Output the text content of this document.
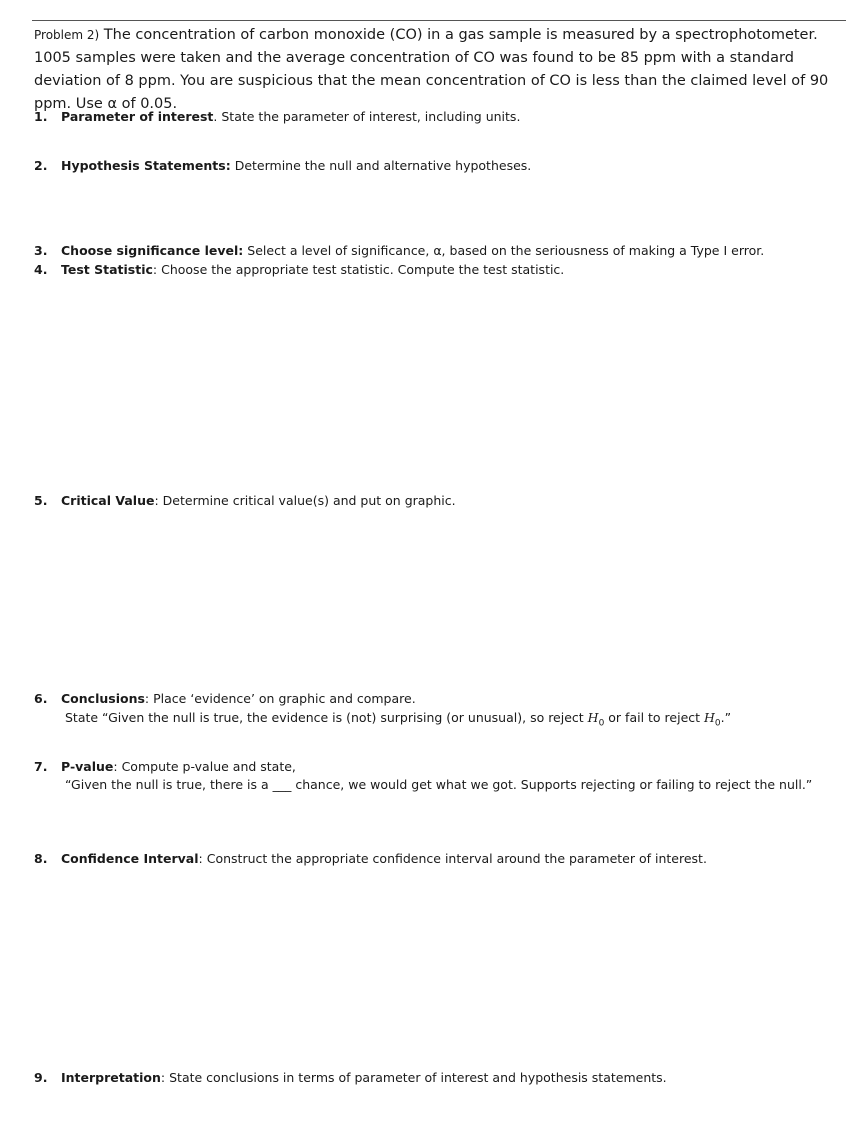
Problem 2) The concentration of carbon monoxide (CO) in a gas sample is measured by a spectrophotometer. 1005 samples were taken and the average concentration of CO was found to be 85 ppm with a standard deviation of 8 ppm. You are suspicious that the mean concentration of CO is less than the claimed level of 90 ppm. Use α of 0.05.
1. Parameter of interest. State the parameter of interest, including units.
2. Hypothesis Statements: Determine the null and alternative hypotheses.
3. Choose significance level: Select a level of significance, α, based on the seriousness of making a Type I error.
4. Test Statistic: Choose the appropriate test statistic. Compute the test statistic.
5. Critical Value: Determine critical value(s) and put on graphic.
6. Conclusions: Place ‘evidence’ on graphic and compare.
State “Given the null is true, the evidence is (not) surprising (or unusual), so reject $H_0$ or fail to reject $H_0$.”
7. P-value: Compute p-value and state,
“Given the null is true, there is a ___ chance, we would get what we got. Supports rejecting or failing to reject the null.”
8. Confidence Interval: Construct the appropriate confidence interval around the parameter of interest.
9. Interpretation: State conclusions in terms of parameter of interest and hypothesis statements.
